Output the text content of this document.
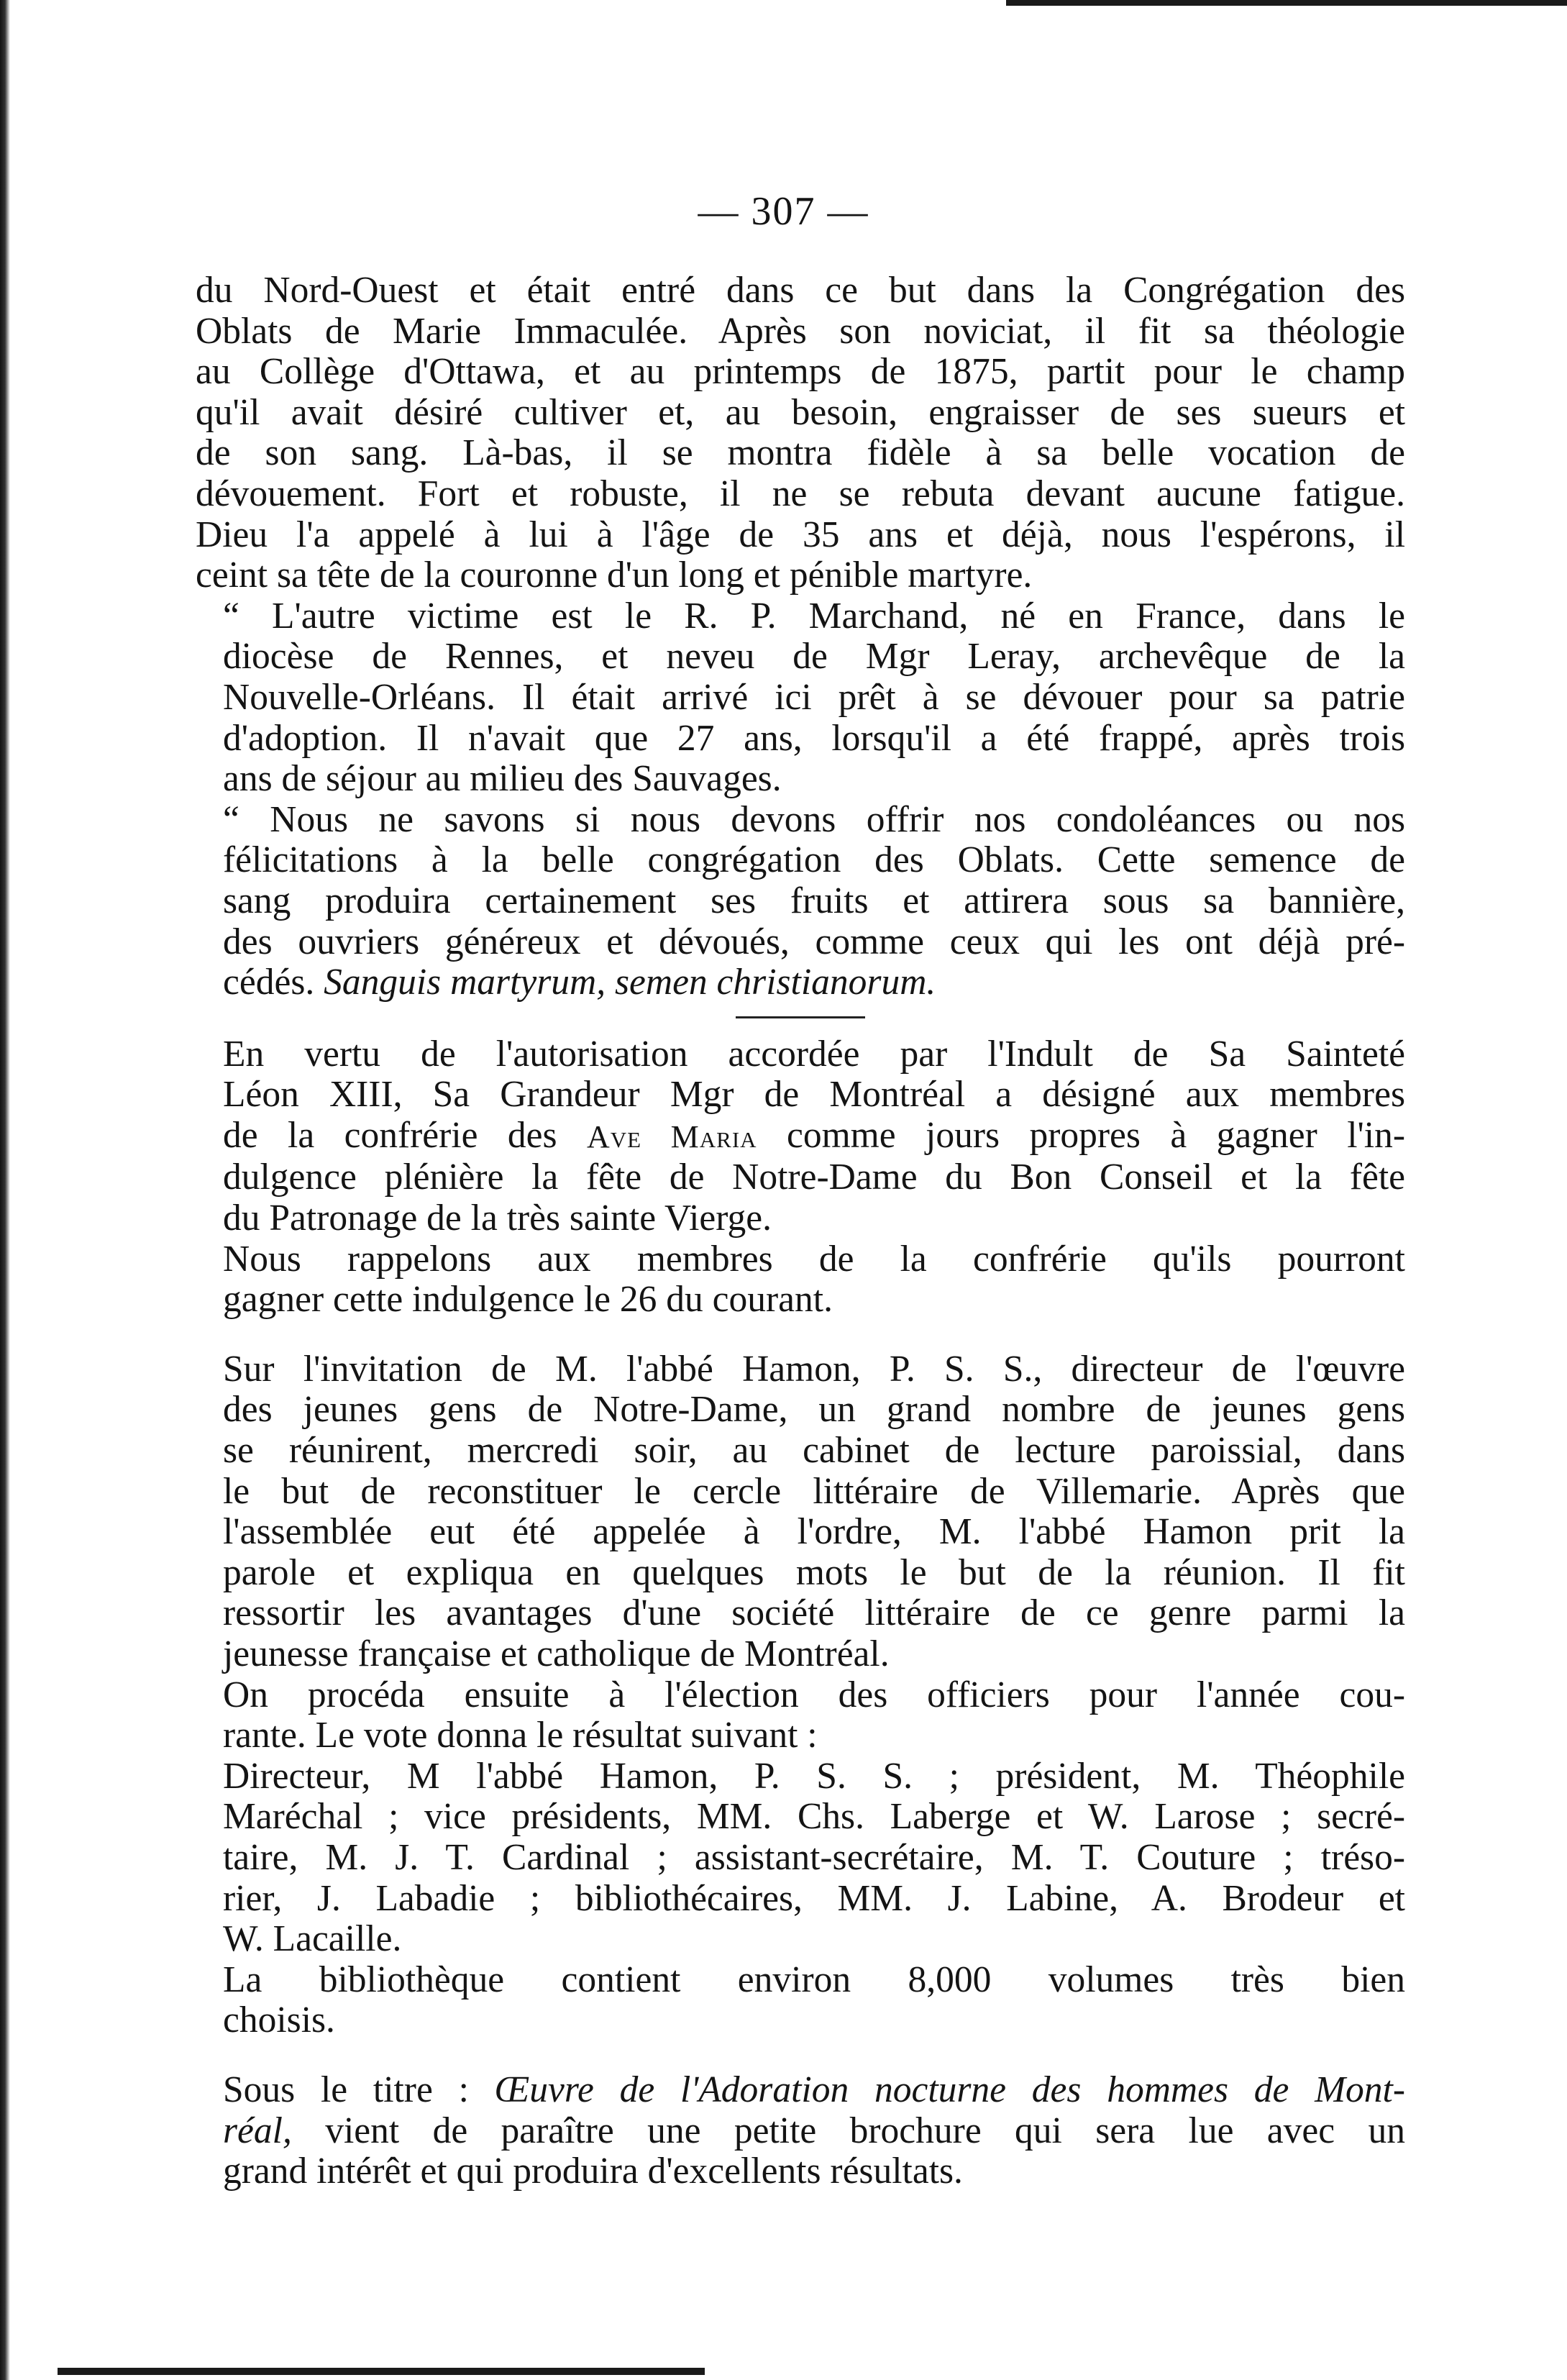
— 307 —
du Nord-Ouest et était entré dans ce but dans la Congrégation des
Oblats de Marie Immaculée. Après son noviciat, il fit sa théologie
au Collège d'Ottawa, et au printemps de 1875, partit pour le champ
qu'il avait désiré cultiver et, au besoin, engraisser de ses sueurs et
de son sang. Là-bas, il se montra fidèle à sa belle vocation de
dévouement. Fort et robuste, il ne se rebuta devant aucune fatigue.
Dieu l'a appelé à lui à l'âge de 35 ans et déjà, nous l'espérons, il
ceint sa tête de la couronne d'un long et pénible martyre.
“ L'autre victime est le R. P. Marchand, né en France, dans le
diocèse de Rennes, et neveu de Mgr Leray, archevêque de la
Nouvelle-Orléans. Il était arrivé ici prêt à se dévouer pour sa patrie
d'adoption. Il n'avait que 27 ans, lorsqu'il a été frappé, après trois
ans de séjour au milieu des Sauvages.
“ Nous ne savons si nous devons offrir nos condoléances ou nos
félicitations à la belle congrégation des Oblats. Cette semence de
sang produira certainement ses fruits et attirera sous sa bannière,
des ouvriers généreux et dévoués, comme ceux qui les ont déjà pré-
cédés. Sanguis martyrum, semen christianorum.
En vertu de l'autorisation accordée par l'Indult de Sa Sainteté
Léon XIII, Sa Grandeur Mgr de Montréal a désigné aux membres
de la confrérie des Ave Maria comme jours propres à gagner l'in-
dulgence plénière la fête de Notre-Dame du Bon Conseil et la fête
du Patronage de la très sainte Vierge.
Nous rappelons aux membres de la confrérie qu'ils pourront
gagner cette indulgence le 26 du courant.
Sur l'invitation de M. l'abbé Hamon, P. S. S., directeur de l'œuvre
des jeunes gens de Notre-Dame, un grand nombre de jeunes gens
se réunirent, mercredi soir, au cabinet de lecture paroissial, dans
le but de reconstituer le cercle littéraire de Villemarie. Après que
l'assemblée eut été appelée à l'ordre, M. l'abbé Hamon prit la
parole et expliqua en quelques mots le but de la réunion. Il fit
ressortir les avantages d'une société littéraire de ce genre parmi la
jeunesse française et catholique de Montréal.
On procéda ensuite à l'élection des officiers pour l'année cou-
rante. Le vote donna le résultat suivant :
Directeur, M l'abbé Hamon, P. S. S. ; président, M. Théophile
Maréchal ; vice présidents, MM. Chs. Laberge et W. Larose ; secré-
taire, M. J. T. Cardinal ; assistant-secrétaire, M. T. Couture ; tréso-
rier, J. Labadie ; bibliothécaires, MM. J. Labine, A. Brodeur et
W. Lacaille.
La bibliothèque contient environ 8,000 volumes très bien
choisis.
Sous le titre : Œuvre de l'Adoration nocturne des hommes de Mont-
réal, vient de paraître une petite brochure qui sera lue avec un
grand intérêt et qui produira d'excellents résultats.
